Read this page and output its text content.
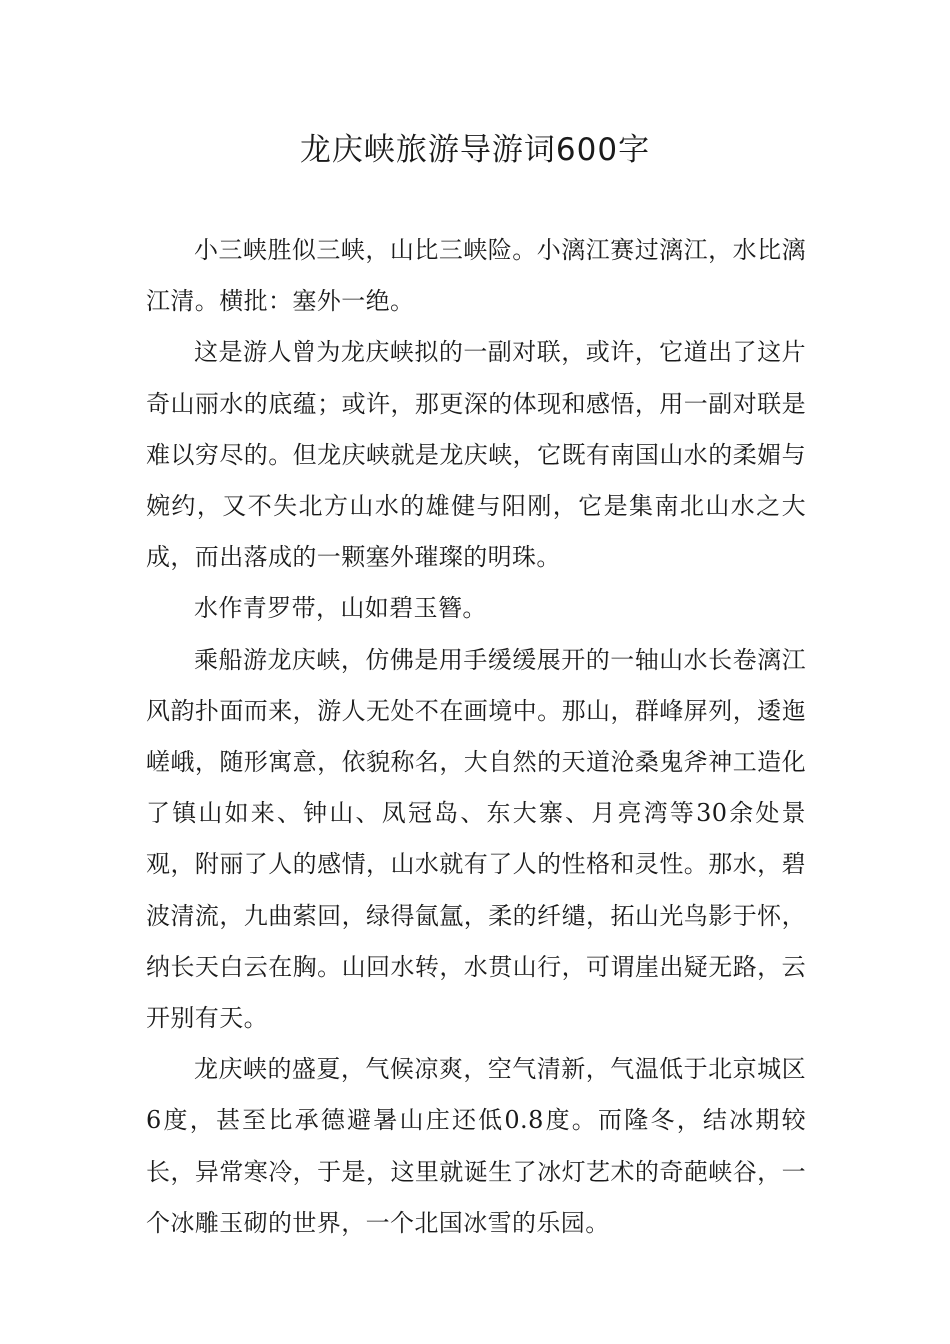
龙庆峡旅游导游词600字

小三峡胜似三峡，山比三峡险。小漓江赛过漓江，水比漓江清。横批：塞外一绝。

这是游人曾为龙庆峡拟的一副对联，或许，它道出了这片奇山丽水的底蕴；或许，那更深的体现和感悟，用一副对联是难以穷尽的。但龙庆峡就是龙庆峡，它既有南国山水的柔媚与婉约，又不失北方山水的雄健与阳刚，它是集南北山水之大成，而出落成的一颗塞外璀璨的明珠。

水作青罗带，山如碧玉簪。

乘船游龙庆峡，仿佛是用手缓缓展开的一轴山水长卷漓江风韵扑面而来，游人无处不在画境中。那山，群峰屏列，逶迤嵯峨，随形寓意，依貌称名，大自然的天道沧桑鬼斧神工造化了镇山如来、钟山、凤冠岛、东大寨、月亮湾等30余处景观，附丽了人的感情，山水就有了人的性格和灵性。那水，碧波清流，九曲萦回，绿得氤氲，柔的纤缱，拓山光鸟影于怀，纳长天白云在胸。山回水转，水贯山行，可谓崖出疑无路，云开别有天。

龙庆峡的盛夏，气候凉爽，空气清新，气温低于北京城区6度，甚至比承德避暑山庄还低0.8度。而隆冬，结冰期较长，异常寒冷，于是，这里就诞生了冰灯艺术的奇葩峡谷，一个冰雕玉砌的世界，一个北国冰雪的乐园。
